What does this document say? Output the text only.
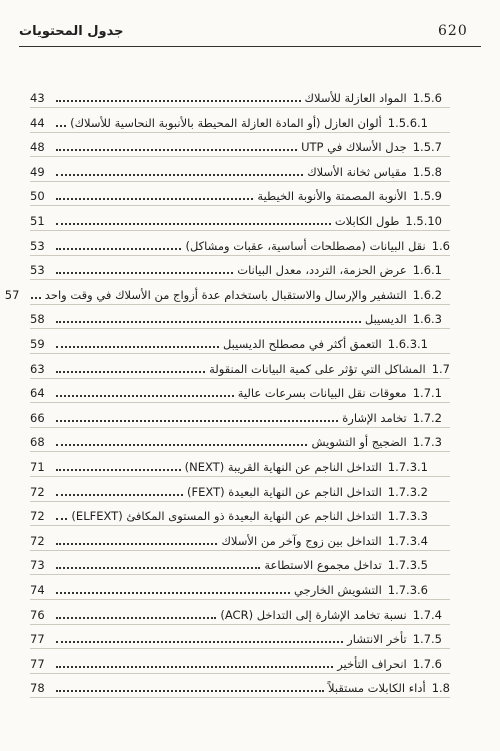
620
جدول المحتويات
1.5.6
المواد العازلة للأسلاك
43
1.5.6.1
ألوان العازل (أو المادة العازلة المحيطة بالأنبوبة النحاسية للأسلاك)
44
1.5.7
جدل الأسلاك في UTP
48
1.5.8
مقياس ثخانة الأسلاك
49
1.5.9
الأنوبة المصمتة والأنوبة الخيطية
50
1.5.10
طول الكابلات
51
1.6
نقل البيانات (مصطلحات أساسية، عقبات ومشاكل)
53
1.6.1
عرض الحزمة، التردد، معدل البيانات
53
1.6.2
التشفير والإرسال والاستقبال باستخدام عدة أزواج من الأسلاك في وقت واحد
57
1.6.3
الديسيبل
58
1.6.3.1
التعمق أكثر في مصطلح الديسيبل
59
1.7
المشاكل التي تؤثر على كمية البيانات المنقولة
63
1.7.1
معوقات نقل البيانات بسرعات عالية
64
1.7.2
تخامد الإشارة
66
1.7.3
الضجيج أو التشويش
68
1.7.3.1
التداخل الناجم عن النهاية القريبة (NEXT)
71
1.7.3.2
التداخل الناجم عن النهاية البعيدة (FEXT)
72
1.7.3.3
التداخل الناجم عن النهاية البعيدة ذو المستوى المكافئ (ELFEXT)
72
1.7.3.4
التداخل بين زوج وآخر من الأسلاك
72
1.7.3.5
تداخل مجموع الاستطاعة
73
1.7.3.6
التشويش الخارجي
74
1.7.4
نسبة تخامد الإشارة إلى التداخل (ACR)
76
1.7.5
تأخر الانتشار
77
1.7.6
انحراف التأخير
77
1.8
أداء الكابلات مستقبلاً
78
